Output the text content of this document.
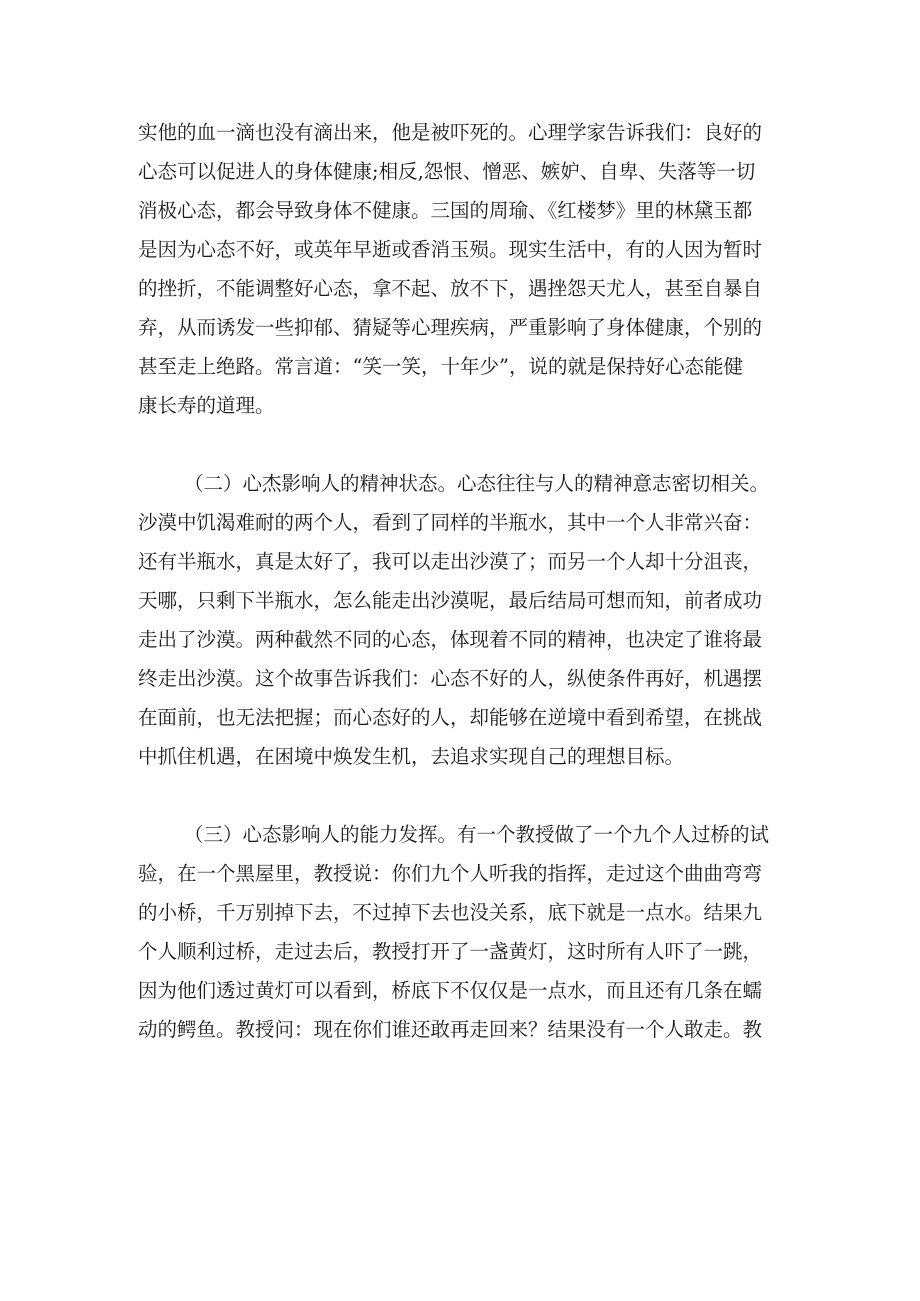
实他的血一滴也没有滴出来，他是被吓死的。心理学家告诉我们：良好的
心态可以促进人的身体健康;相反,怨恨、憎恶、嫉妒、自卑、失落等一切
消极心态，都会导致身体不健康。三国的周瑜、《红楼梦》里的林黛玉都
是因为心态不好，或英年早逝或香消玉殒。现实生活中，有的人因为暂时
的挫折，不能调整好心态，拿不起、放不下，遇挫怨天尤人，甚至自暴自
弃，从而诱发一些抑郁、猜疑等心理疾病，严重影响了身体健康，个别的
甚至走上绝路。常言道：“笑一笑，十年少”，说的就是保持好心态能健
康长寿的道理。
（二）心杰影响人的精神状态。心态往往与人的精神意志密切相关。
沙漠中饥渴难耐的两个人，看到了同样的半瓶水，其中一个人非常兴奋：
还有半瓶水，真是太好了，我可以走出沙漠了；而另一个人却十分沮丧，
天哪，只剩下半瓶水，怎么能走出沙漠呢，最后结局可想而知，前者成功
走出了沙漠。两种截然不同的心态，体现着不同的精神，也决定了谁将最
终走出沙漠。这个故事告诉我们：心态不好的人，纵使条件再好，机遇摆
在面前，也无法把握；而心态好的人，却能够在逆境中看到希望，在挑战
中抓住机遇，在困境中焕发生机，去追求实现自己的理想目标。
（三）心态影响人的能力发挥。有一个教授做了一个九个人过桥的试
验，在一个黑屋里，教授说：你们九个人听我的指挥，走过这个曲曲弯弯
的小桥，千万别掉下去，不过掉下去也没关系，底下就是一点水。结果九
个人顺利过桥，走过去后，教授打开了一盏黄灯，这时所有人吓了一跳，
因为他们透过黄灯可以看到，桥底下不仅仅是一点水，而且还有几条在蠕
动的鳄鱼。教授问：现在你们谁还敢再走回来？结果没有一个人敢走。教
